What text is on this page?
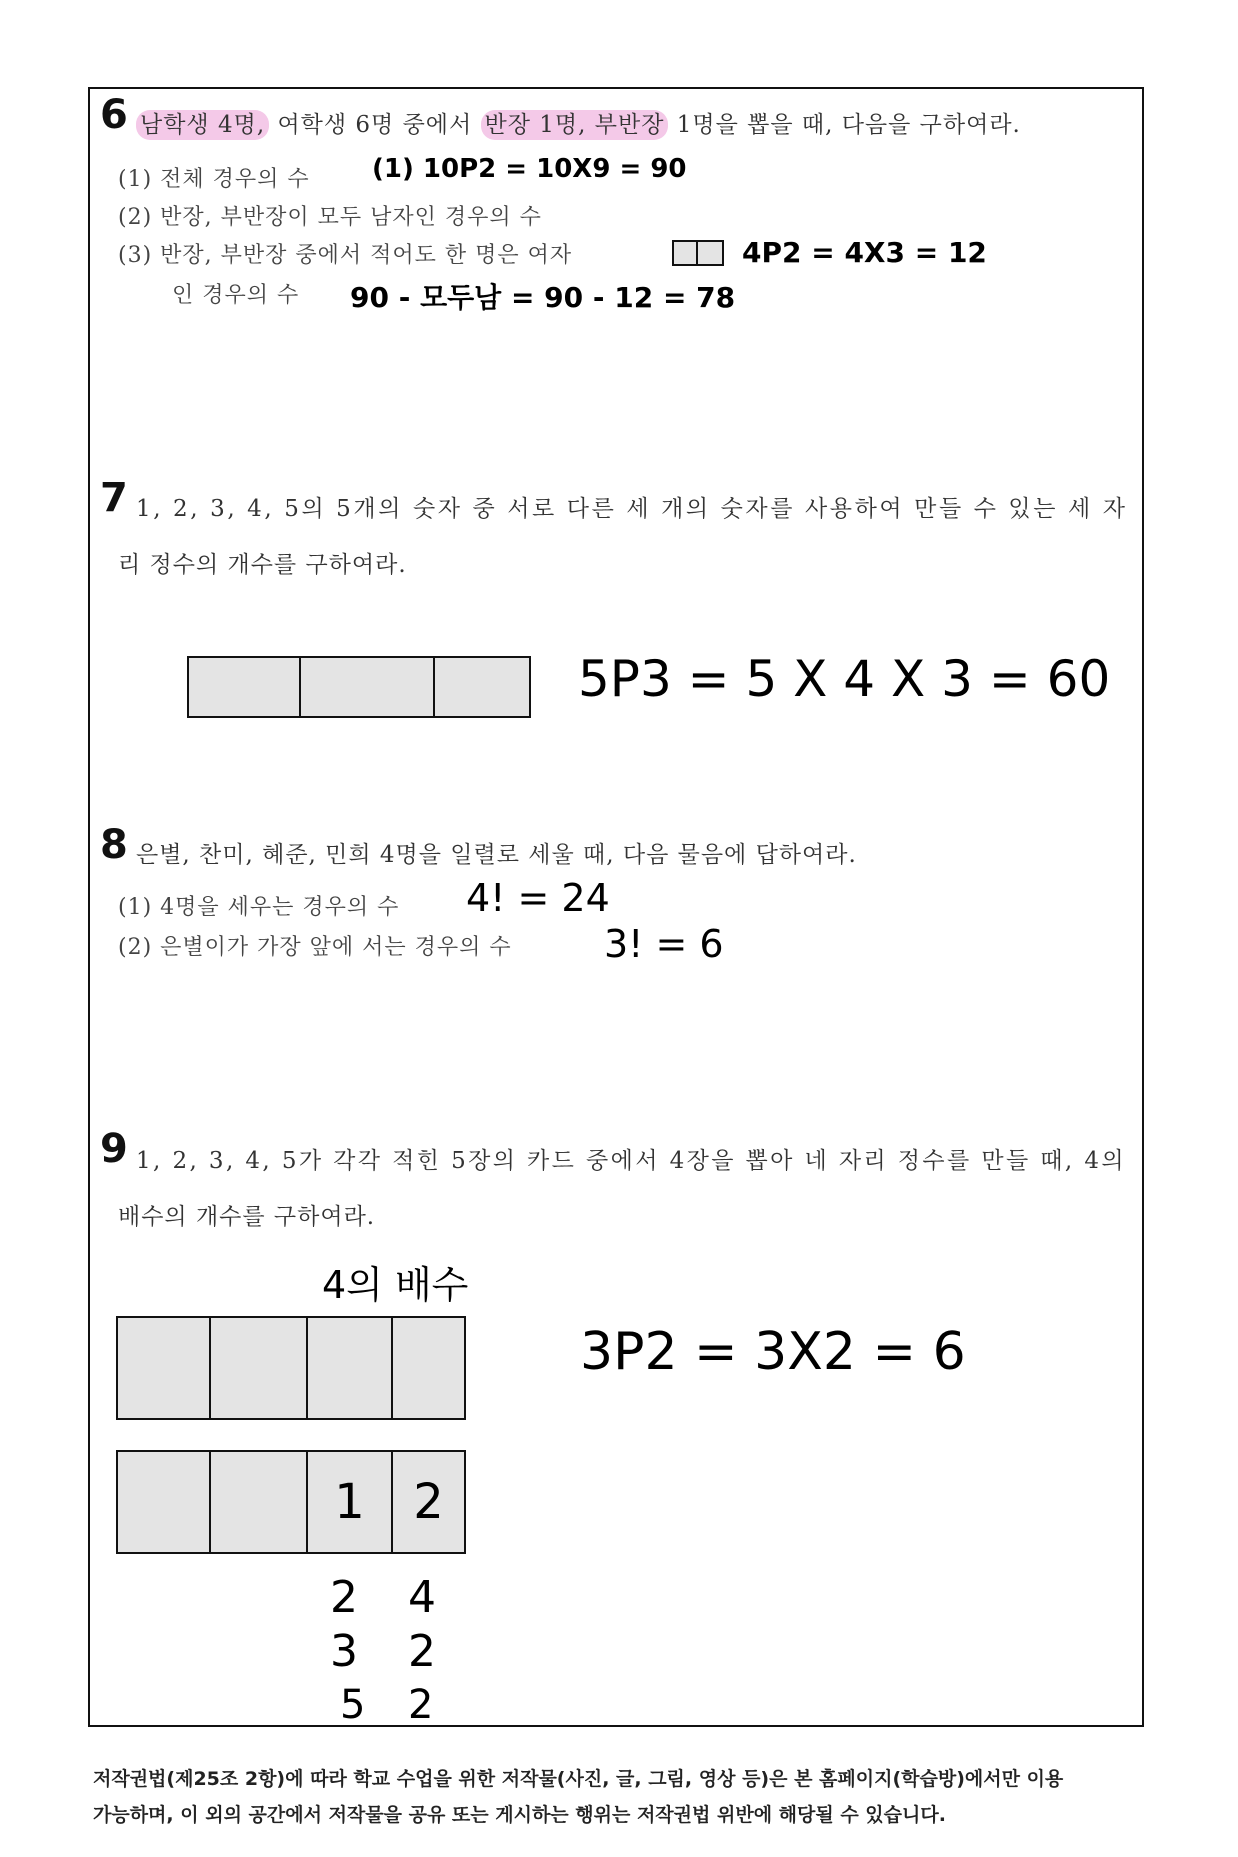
6 남학생 4명, 여학생 6명 중에서 반장 1명, 부반장 1명을 뽑을 때, 다음을 구하여라.
(1) 전체 경우의 수
(2) 반장, 부반장이 모두 남자인 경우의 수
(3) 반장, 부반장 중에서 적어도 한 명은 여자
인 경우의 수
(1) 10P2 = 10X9 = 90
4P2 = 4X3 = 12
90 - 모두남 = 90 - 12 = 78
7 1, 2, 3, 4, 5의 5개의 숫자 중 서로 다른 세 개의 숫자를 사용하여 만들 수 있는 세 자
리 정수의 개수를 구하여라.
5P3 = 5 X 4 X 3 = 60
8 은별, 찬미, 혜준, 민희 4명을 일렬로 세울 때, 다음 물음에 답하여라.
(1) 4명을 세우는 경우의 수
(2) 은별이가 가장 앞에 서는 경우의 수
4! = 24
3! = 6
9 1, 2, 3, 4, 5가 각각 적힌 5장의 카드 중에서 4장을 뽑아 네 자리 정수를 만들 때, 4의
배수의 개수를 구하여라.
4의 배수
3P2 = 3X2 = 6
1 2
2 4
3 2
5 2
저작권법(제25조 2항)에 따라 학교 수업을 위한 저작물(사진, 글, 그림, 영상 등)은 본 홈페이지(학습방)에서만 이용
가능하며, 이 외의 공간에서 저작물을 공유 또는 게시하는 행위는 저작권법 위반에 해당될 수 있습니다.
